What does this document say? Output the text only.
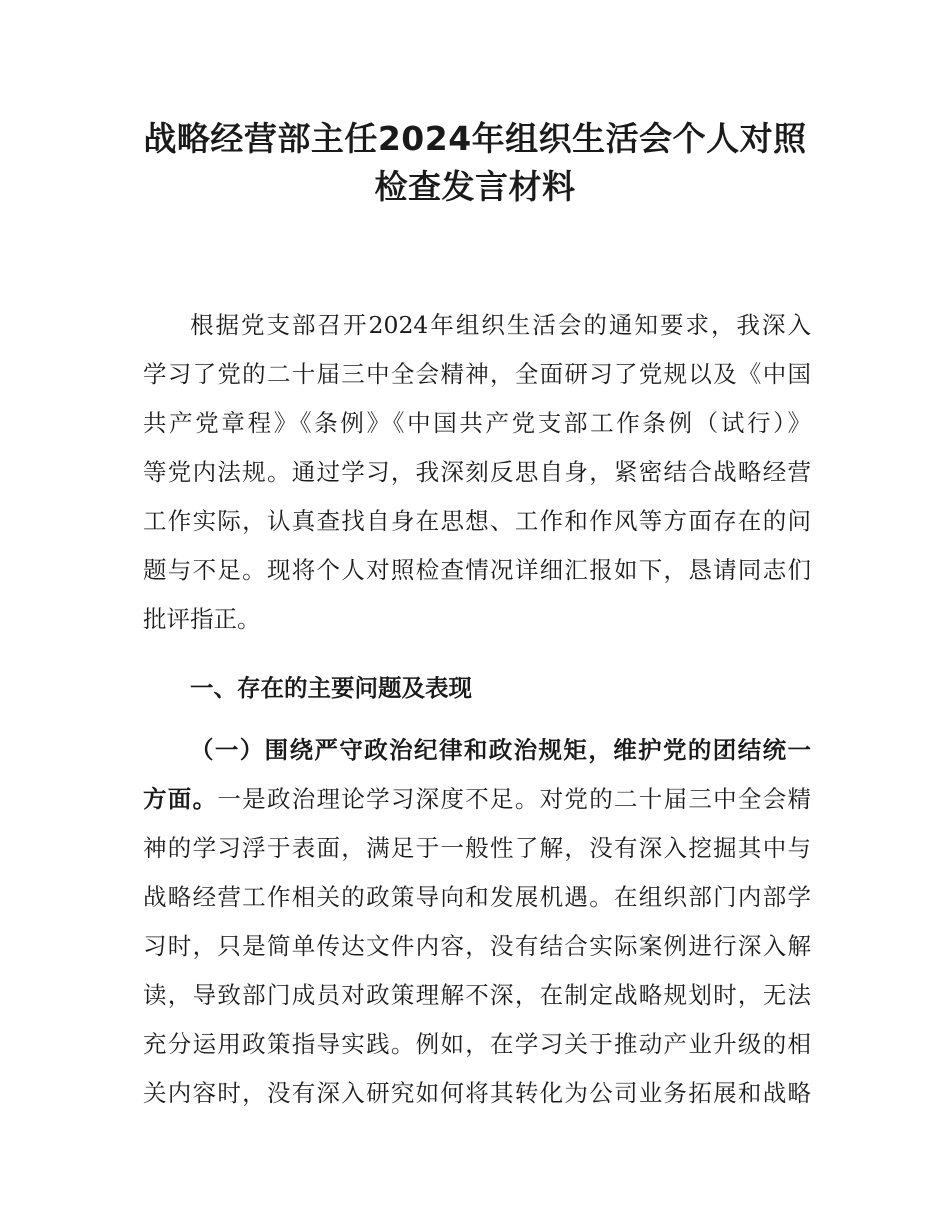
战略经营部主任2024年组织生活会个人对照
检查发言材料

根据党支部召开2024年组织生活会的通知要求，我深入

学习了党的二十届三中全会精神，全面研习了党规以及《中国

共产党章程》《条例》《中国共产党支部工作条例（试行）》

等党内法规。通过学习，我深刻反思自身，紧密结合战略经营

工作实际，认真查找自身在思想、工作和作风等方面存在的问

题与不足。现将个人对照检查情况详细汇报如下，恳请同志们

批评指正。

一、存在的主要问题及表现

（一）围绕严守政治纪律和政治规矩，维护党的团结统一

方面。一是政治理论学习深度不足。对党的二十届三中全会精

神的学习浮于表面，满足于一般性了解，没有深入挖掘其中与

战略经营工作相关的政策导向和发展机遇。在组织部门内部学

习时，只是简单传达文件内容，没有结合实际案例进行深入解

读，导致部门成员对政策理解不深，在制定战略规划时，无法

充分运用政策指导实践。例如，在学习关于推动产业升级的相

关内容时，没有深入研究如何将其转化为公司业务拓展和战略
